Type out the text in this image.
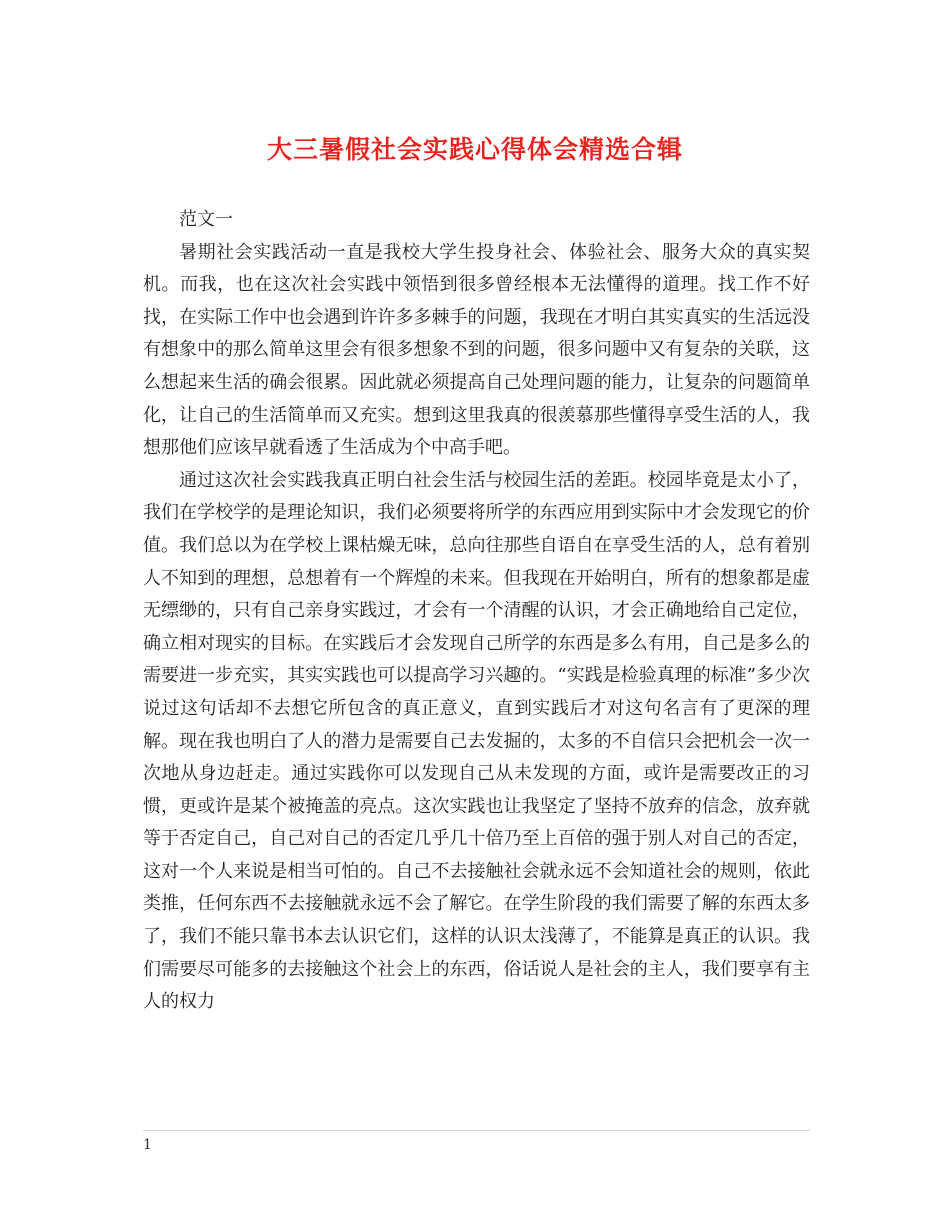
大三暑假社会实践心得体会精选合辑

范文一

暑期社会实践活动一直是我校大学生投身社会、体验社会、服务大众的真实契机。而我，也在这次社会实践中领悟到很多曾经根本无法懂得的道理。找工作不好找，在实际工作中也会遇到许许多多棘手的问题，我现在才明白其实真实的生活远没有想象中的那么简单这里会有很多想象不到的问题，很多问题中又有复杂的关联，这么想起来生活的确会很累。因此就必须提高自己处理问题的能力，让复杂的问题简单化，让自己的生活简单而又充实。想到这里我真的很羡慕那些懂得享受生活的人，我想那他们应该早就看透了生活成为个中高手吧。

通过这次社会实践我真正明白社会生活与校园生活的差距。校园毕竟是太小了，我们在学校学的是理论知识，我们必须要将所学的东西应用到实际中才会发现它的价值。我们总以为在学校上课枯燥无味，总向往那些自语自在享受生活的人，总有着别人不知到的理想，总想着有一个辉煌的未来。但我现在开始明白，所有的想象都是虚无缥缈的，只有自己亲身实践过，才会有一个清醒的认识，才会正确地给自己定位，确立相对现实的目标。在实践后才会发现自己所学的东西是多么有用，自己是多么的需要进一步充实，其实实践也可以提高学习兴趣的。“实践是检验真理的标准”多少次说过这句话却不去想它所包含的真正意义，直到实践后才对这句名言有了更深的理解。现在我也明白了人的潜力是需要自己去发掘的，太多的不自信只会把机会一次一次地从身边赶走。通过实践你可以发现自己从未发现的方面，或许是需要改正的习惯，更或许是某个被掩盖的亮点。这次实践也让我坚定了坚持不放弃的信念，放弃就等于否定自己，自己对自己的否定几乎几十倍乃至上百倍的强于别人对自己的否定，这对一个人来说是相当可怕的。自己不去接触社会就永远不会知道社会的规则，依此类推，任何东西不去接触就永远不会了解它。在学生阶段的我们需要了解的东西太多了，我们不能只靠书本去认识它们，这样的认识太浅薄了，不能算是真正的认识。我们需要尽可能多的去接触这个社会上的东西，俗话说人是社会的主人，我们要享有主人的权力

1
